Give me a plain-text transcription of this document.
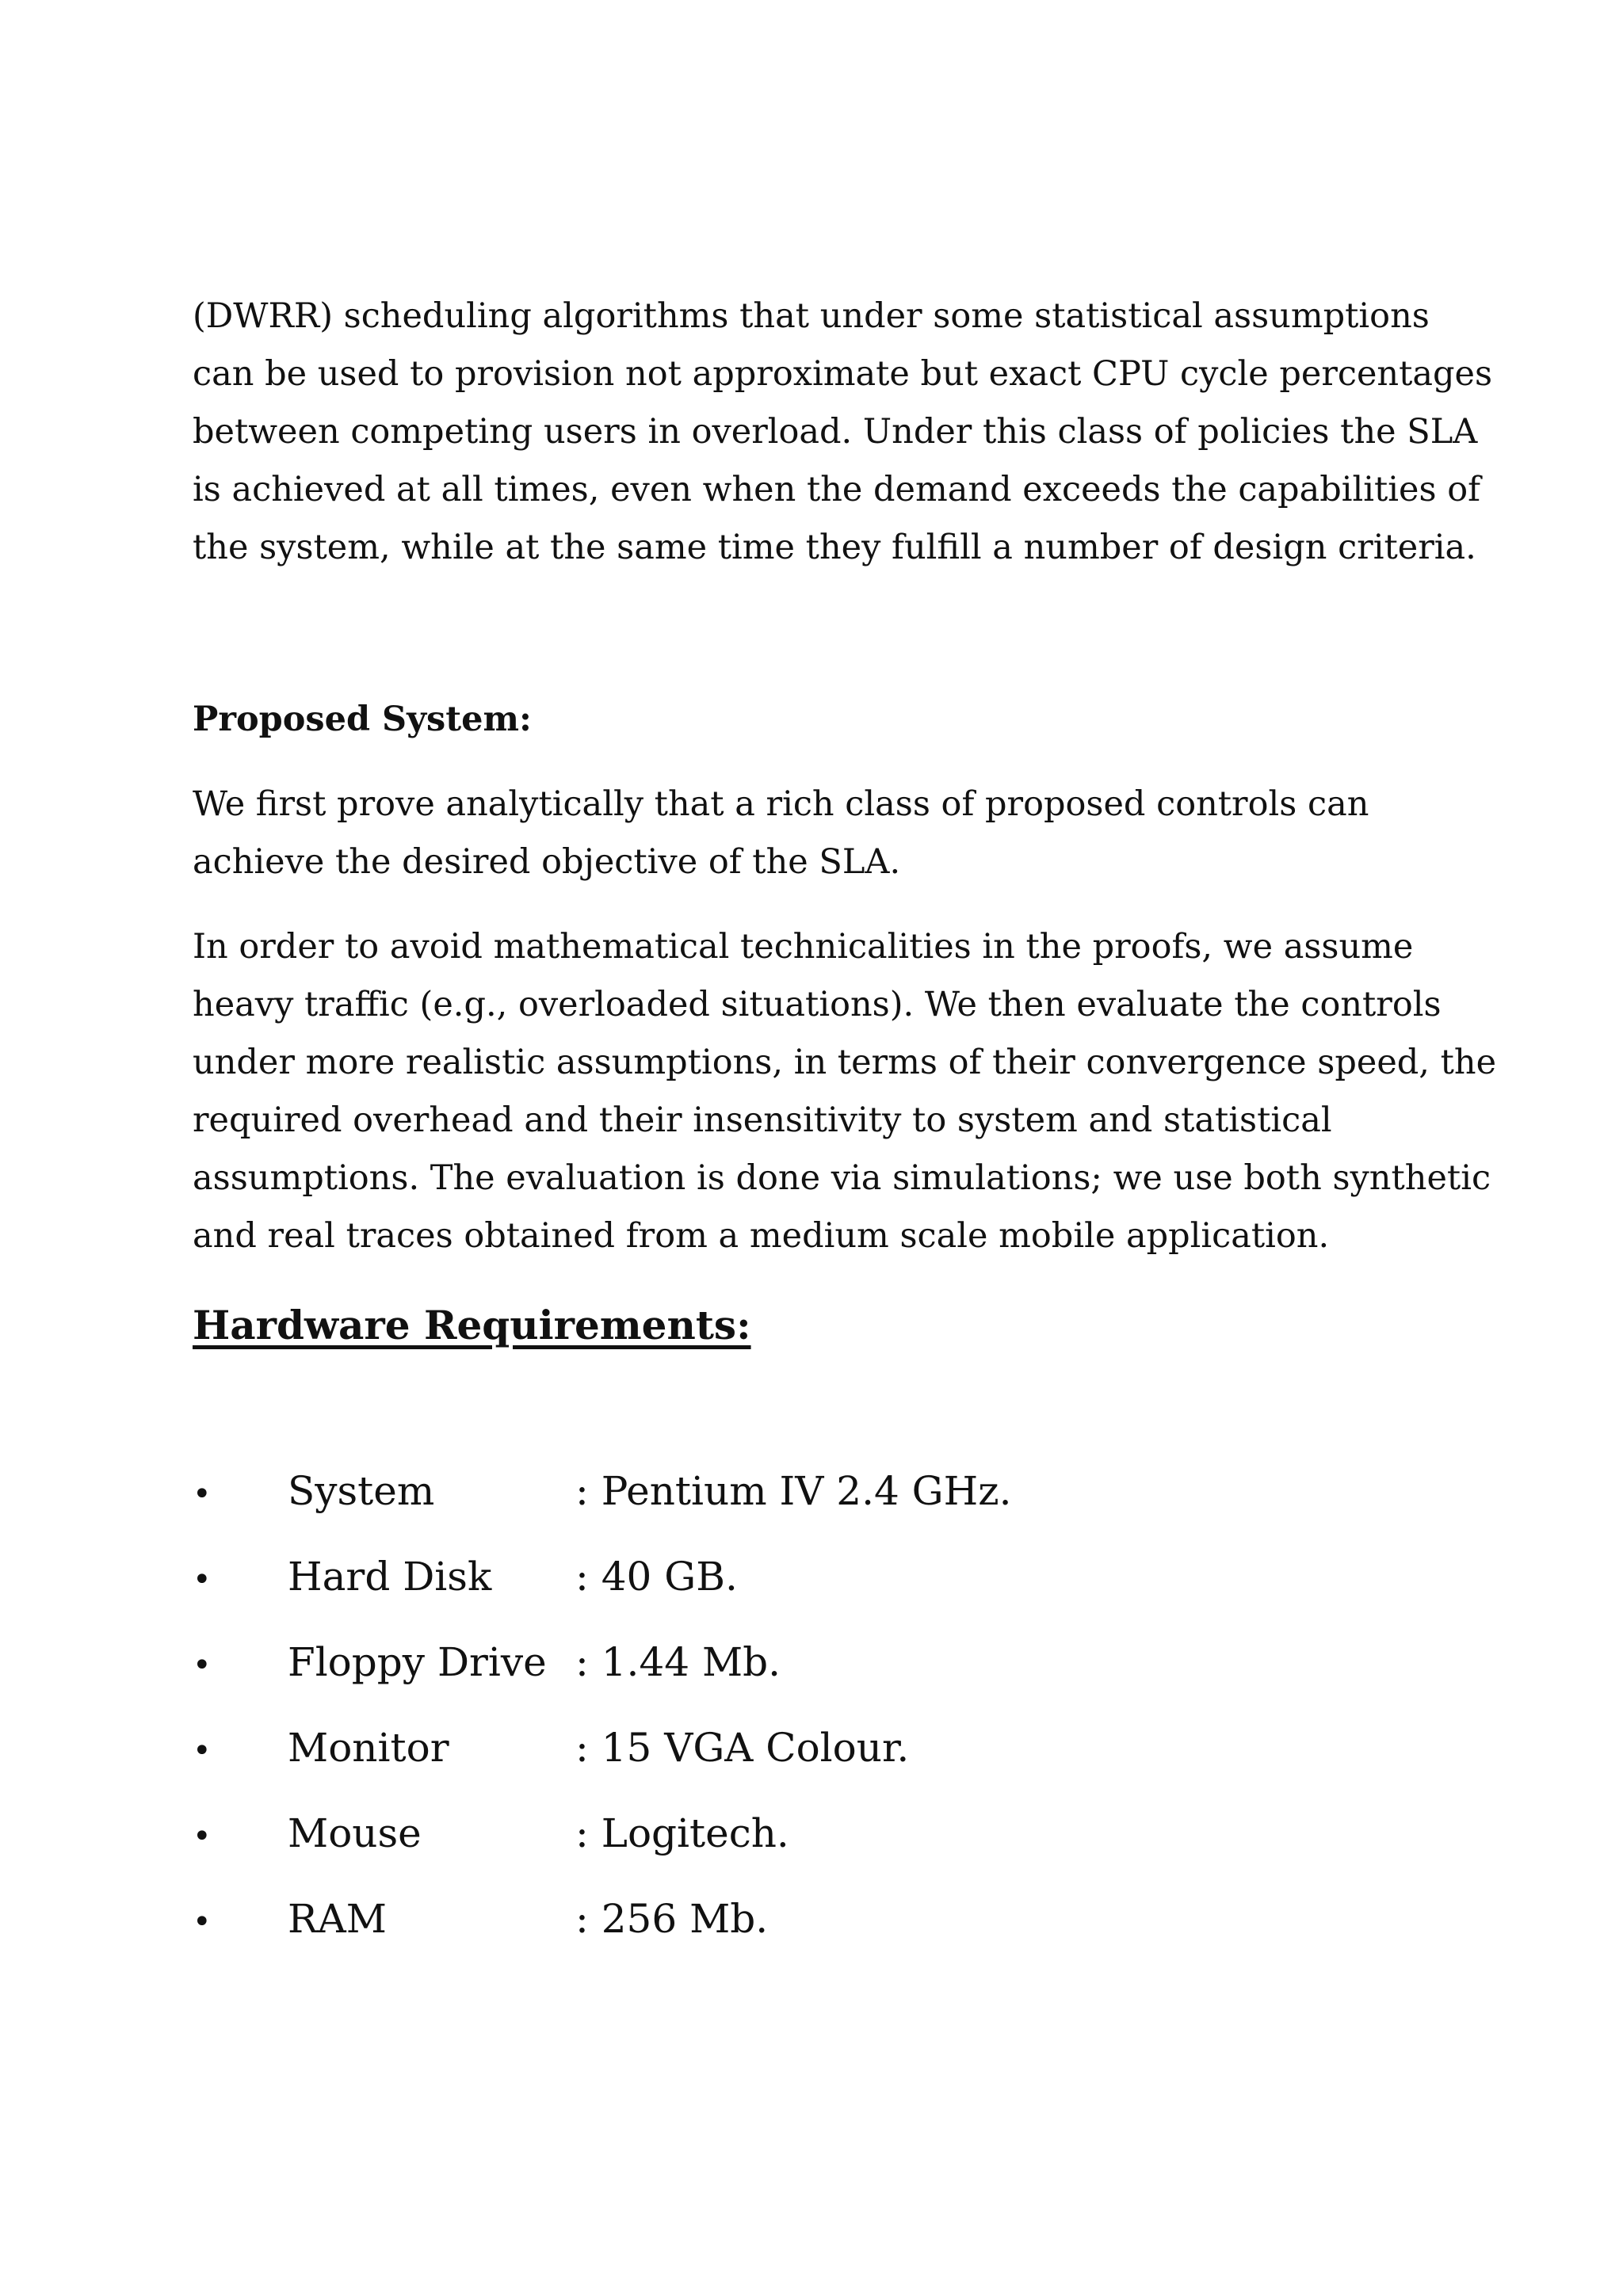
(DWRR) scheduling algorithms that under some statistical assumptions
can be used to provision not approximate but exact CPU cycle percentages
between competing users in overload. Under this class of policies the SLA
is achieved at all times, even when the demand exceeds the capabilities of
the system, while at the same time they fulfill a number of design criteria.

Proposed System:

We first prove analytically that a rich class of proposed controls can
achieve the desired objective of the SLA.

In order to avoid mathematical technicalities in the proofs, we assume
heavy traffic (e.g., overloaded situations). We then evaluate the controls
under more realistic assumptions, in terms of their convergence speed, the
required overhead and their insensitivity to system and statistical
assumptions. The evaluation is done via simulations; we use both synthetic
and real traces obtained from a medium scale mobile application.

Hardware Requirements:
• System	: Pentium IV 2.4 GHz.
• Hard Disk : 40 GB.
• Floppy Drive : 1.44 Mb.
• Monitor	: 15 VGA Colour.
• Mouse	: Logitech.
• RAM	: 256 Mb.
